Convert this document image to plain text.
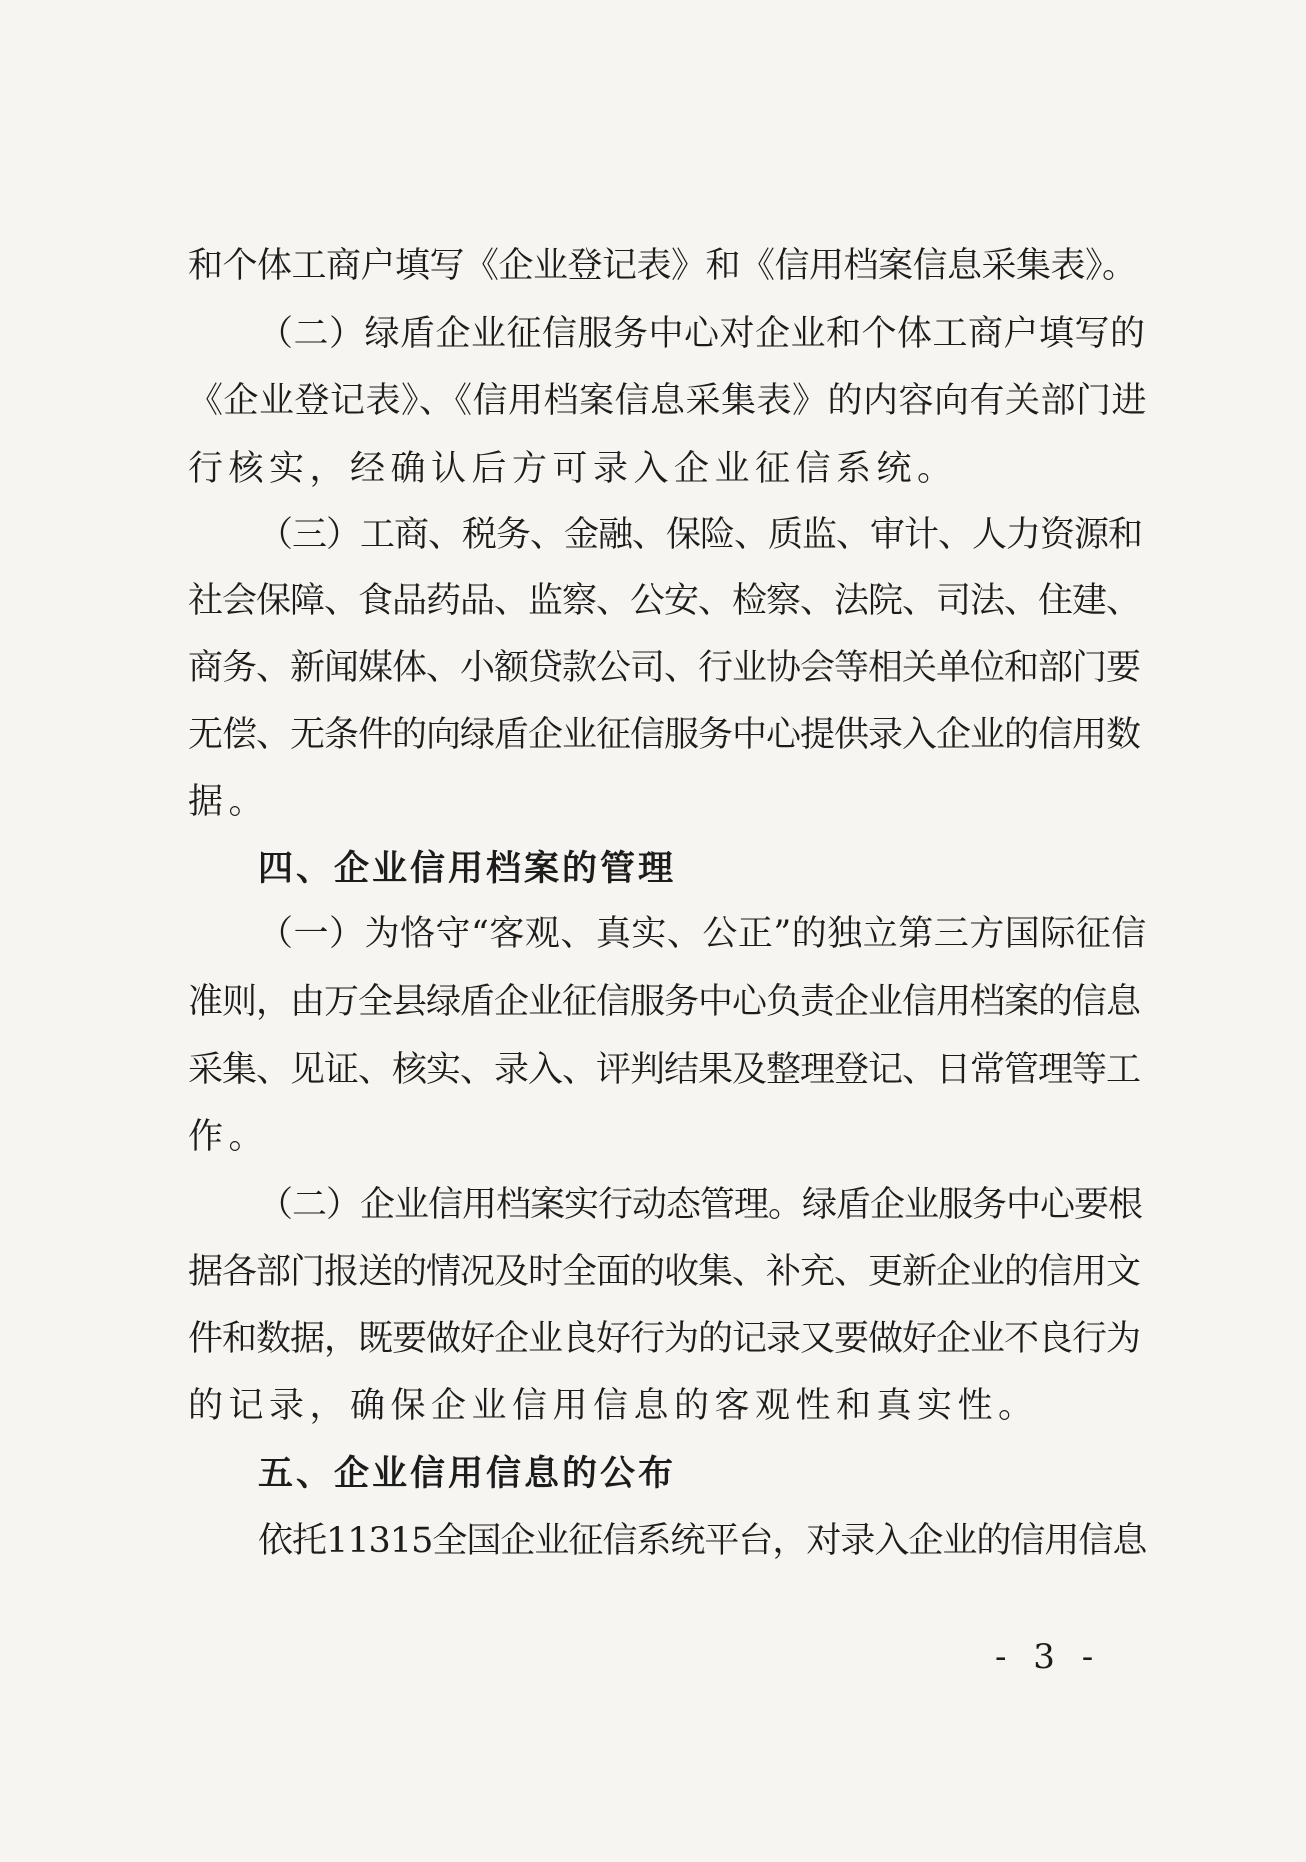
和个体工商户填写《企业登记表》和《信用档案信息采集表》。
（二）绿盾企业征信服务中心对企业和个体工商户填写的
《企业登记表》、《信用档案信息采集表》的内容向有关部门进
行核实，经确认后方可录入企业征信系统。
（三）工商、税务、金融、保险、质监、审计、人力资源和
社会保障、食品药品、监察、公安、检察、法院、司法、住建、
商务、新闻媒体、小额贷款公司、行业协会等相关单位和部门要
无偿、无条件的向绿盾企业征信服务中心提供录入企业的信用数
据。
四、企业信用档案的管理
（一）为恪守“客观、真实、公正”的独立第三方国际征信
准则，由万全县绿盾企业征信服务中心负责企业信用档案的信息
采集、见证、核实、录入、评判结果及整理登记、日常管理等工
作。
（二）企业信用档案实行动态管理。绿盾企业服务中心要根
据各部门报送的情况及时全面的收集、补充、更新企业的信用文
件和数据，既要做好企业良好行为的记录又要做好企业不良行为
的记录，确保企业信用信息的客观性和真实性。
五、企业信用信息的公布
依托11315全国企业征信系统平台，对录入企业的信用信息
- 3 -
